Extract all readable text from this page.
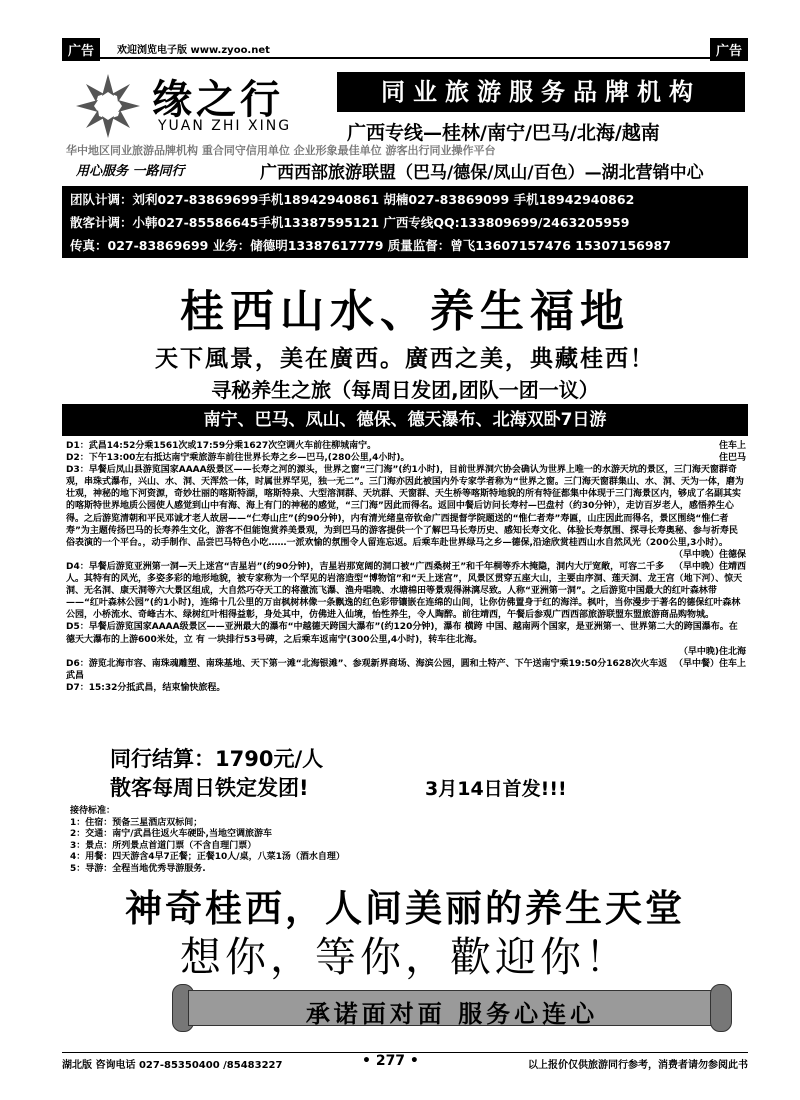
广告	欢迎浏览电子版 www.zyoo.net	广告
缘之行
YUAN ZHI XING
同业旅游服务品牌机构
广西专线—桂林/南宁/巴马/北海/越南
华中地区同业旅游品牌机构 重合同守信用单位 企业形象最佳单位 游客出行同业操作平台
用心服务 一路同行	广西西部旅游联盟（巴马/德保/凤山/百色）—湖北营销中心
团队计调：刘利027-83869699手机18942940861 胡楠027-83869099 手机18942940862
散客计调：小韩027-85586645手机13387595121 广西专线QQ:133809699/2463205959
传真：027-83869699 业务：储德明13387617779 质量监督：曾飞13607157476 15307156987
桂西山水、养生福地
天下風景，美在廣西。廣西之美，典藏桂西！
寻秘养生之旅（每周日发团,团队一团一议）
南宁、巴马、凤山、德保、德天瀑布、北海双卧7日游

住车上
D1：武昌14:52分乘1561次或17:59分乘1627次空调火车前往柳城南宁。

住巴马
D2：下午13:00左右抵达南宁乘旅游车前往世界长寿之乡—巴马,(280公里,4小时)。

D3：早餐后凤山县游览国家AAAA级景区——长寿之河的源头，世界之窗“三门海”(约1小时)，目前世界洞穴协会确认为世界上唯一的水游天坑的景区，三门海天窗群奇观，串珠式瀑布，兴山、水、洞、天浑然一体，时属世界罕见，独一无二”。三门海亦因此被国内外专家学者称为“世界之窗。三门海天窗群集山、水、洞、天为一体，磨为壮观，神秘的地下河资源，奇妙壮丽的喀斯特湖，喀斯特泉、大型溶洞群、天坑群、天窗群、天生桥等喀斯特地貌的所有特征都集中体现于三门海景区内，够成了名副其实的喀斯特世界地质公园使人感觉到山中有海、海上有门的神秘的感觉，“三门海”因此而得名。返回中餐后访问长寿村—巴盘村（约30分钟），走访百岁老人，感悟养生心得。之后游览清朝和平民邓诚才老人故居——“仁寿山庄”(约90分钟)，内有清光绪皇帝钦命广西提督学院题送的“惟仁者寿”寿匾，山庄因此而得名，景区围绕“惟仁者寿”为主题传扬巴马的长寿养生文化，游客不但能饱赏养美景观，为到巴马的游客提供一个了解巴马长寿历史、感知长寿文化、体验长寿氛围、探寻长寿奥秘、参与祈寿民俗表演的一个平台。，动手制作、品尝巴马特色小吃……一派欢愉的氛围令人留连忘返。后乘车赴世界绿马之乡—德保,沿途欣赏桂西山水自然风光（200公里,3小时）。

（早中晚）住德保

（早中晚）住靖西
D4：早餐后游览亚洲第一洞—天上迷宫“吉星岩”(约90分钟)，吉星岩那宽阔的洞口被“广西桑树王”和千年桐等乔木掩隐，洞内大厅宽敞，可容二千多人。其特有的风光，多姿多彩的地形地貌，被专家称为一个罕见的岩溶造型“博物馆”和“天上迷宫”，风景区贯穿五座大山，主要由序洞、莲天洞、龙王宫（地下河）、惊天洞、无名洞、康天洞等六大景区组成，大自然巧夺天工的将激流飞瀑、渔舟唱晚、水塘棉田等景观得淋漓尽致。人称“亚洲第一洞”。之后游览中国最大的红叶森林带——“红叶森林公园”(约1小时)，连绵十几公里的万亩枫树林像一条飘逸的红色彩带镶嵌在连绵的山间，让你仿佛置身于红的海洋。枫叶，当你漫步于著名的德保红叶森林公园，小桥流水、奇峰古木、绿树红叶相得益彰，身处其中，仿佛进入仙境，怡性养生，令人陶醉。前往靖西，午餐后参观广西西部旅游联盟东盟旅游商品购物城。

D5：早餐后游览国家AAAA级景区——亚洲最大的瀑布“中越德天跨国大瀑布”(约120分钟)，瀑布 横跨 中国、越南两个国家，是亚洲第一、世界第二大的跨国瀑布。在德天大瀑布的上游600米处，立 有 一块排行53号碑，之后乘车返南宁(300公里,4小时)，转车往北海。

（早中晚)住北海

（早中餐）住车上
D6：游览北海市容、南珠魂雕塑、南珠基地、天下第一滩“北海银滩”、参观新界商场、海滨公园，圆和土特产、下午送南宁乘19:50分1628次火车返武昌

D7：15:32分抵武昌，结束愉快旅程。

同行结算：1790元/人
散客每周日铁定发团!	3月14日首发!!!
接待标准：
1：住宿：预备三星酒店双标间；
2：交通：南宁/武昌往返火车硬卧,当地空调旅游车
3：景点：所列景点首道门票（不含自理门票）
4：用餐：四天游含4早7正餐；正餐10人/桌，八菜1汤（酒水自理）
5：导游：全程当地优秀导游服务.
神奇桂西，人间美丽的养生天堂
想你，等你，歡迎你！
承诺面对面 服务心连心
湖北版 咨询电话 027-85350400 /85483227	• 277 •	以上报价仅供旅游同行参考，消费者请勿参阅此书
